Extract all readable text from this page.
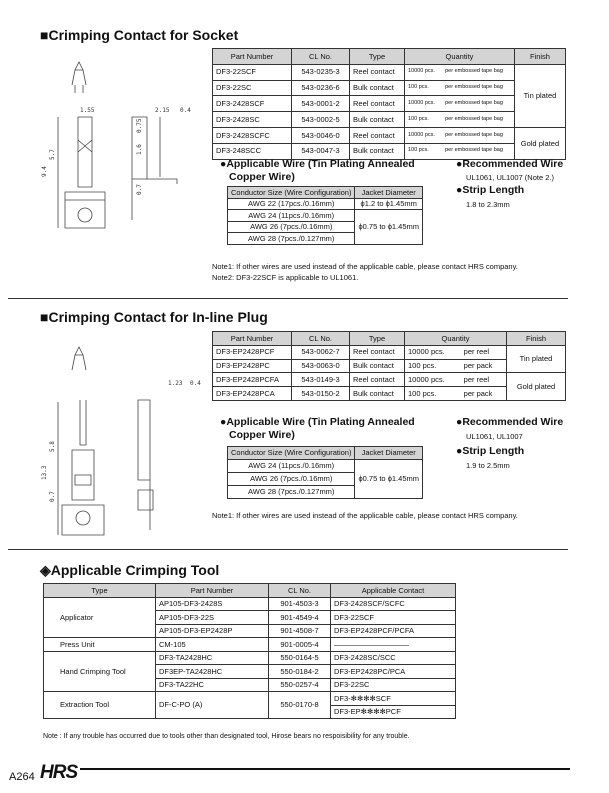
■Crimping Contact for Socket
1.55	2.15 0.4
0.75
1.6
0.7
5.7
9.4
Part Number	CL No.	Type	Quantity		Finish
DF3-22SCF	543-0235-3	Reel contact	10000 pcs.	per embossed tape bag	Tin plated
DF3-22SC	543-0236-6	Bulk contact	100 pcs.	per embossed tape bag	
DF3-2428SCF	543-0001-2	Reel contact	10000 pcs.	per embossed tape bag	
DF3-2428SC	543-0002-5	Bulk contact	100 pcs.	per embossed tape bag	
DF3-2428SCFC	543-0046-0	Reel contact	10000 pcs.	per embossed tape bag	Gold plated
DF3-248SCC	543-0047-3	Bulk contact	100 pcs.	per embossed tape bag	
●Applicable Wire (Tin Plating Annealed
Copper Wire)
Conductor Size (Wire Configuration)	Jacket Diameter
AWG 22 (17pcs./0.16mm)	ϕ1.2 to ϕ1.45mm
AWG 24 (11pcs./0.16mm)	ϕ0.75 to ϕ1.45mm
AWG 26 (7pcs./0.16mm)	
AWG 28 (7pcs./0.127mm)	
●Recommended Wire
UL1061, UL1007 (Note 2.)
●Strip Length
1.8 to 2.3mm
Note1: If other wires are used instead of the applicable cable, please contact HRS company.
Note2: DF3-22SCF is applicable to UL1061.
■Crimping Contact for In-line Plug
1.23 0.4
5.8
13.3
0.7
Part Number	CL No.	Type	Quantity		Finish
DF3-EP2428PCF	543-0062-7	Reel contact	10000 pcs.	per reel	Tin plated
DF3-EP2428PC	543-0063-0	Bulk contact	100 pcs.	per pack	
DF3-EP2428PCFA	543-0149-3	Reel contact	10000 pcs.	per reel	Gold plated
DF3-EP2428PCA	543-0150-2	Bulk contact	100 pcs.	per pack	
●Applicable Wire (Tin Plating Annealed
Copper Wire)
Conductor Size (Wire Configuration)	Jacket Diameter
AWG 24 (11pcs./0.16mm)	ϕ0.75 to ϕ1.45mm
AWG 26 (7pcs./0.16mm)	
AWG 28 (7pcs./0.127mm)	
●Recommended Wire
UL1061, UL1007
●Strip Length
1.9 to 2.5mm
Note1: If other wires are used instead of the applicable cable, please contact HRS company.
◈Applicable Crimping Tool
Type	Part Number	CL No.	Applicable Contact
Applicator	AP105-DF3-2428S	901-4503-3	DF3-2428SCF/SCFC
	AP105-DF3-22S	901-4549-4	DF3-22SCF
	AP105-DF3-EP2428P	901-4508-7	DF3-EP2428PCF/PCFA
Press Unit	CM-105	901-0005-4	——————————
Hand Crimping Tool	DF3-TA2428HC	550-0164-5	DF3-2428SC/SCC
	DF3EP-TA2428HC	550-0184-2	DF3-EP2428PC/PCA
	DF3-TA22HC	550-0257-4	DF3-22SC
Extraction Tool	DF-C-PO (A)	550-0170-8	DF3-✻✻✻✻SCF
			DF3-EP✻✻✻✻PCF
Note : If any trouble has occurred due to tools other than designated tool, Hirose bears no respoisibility for any trouble.
A264 HRS
